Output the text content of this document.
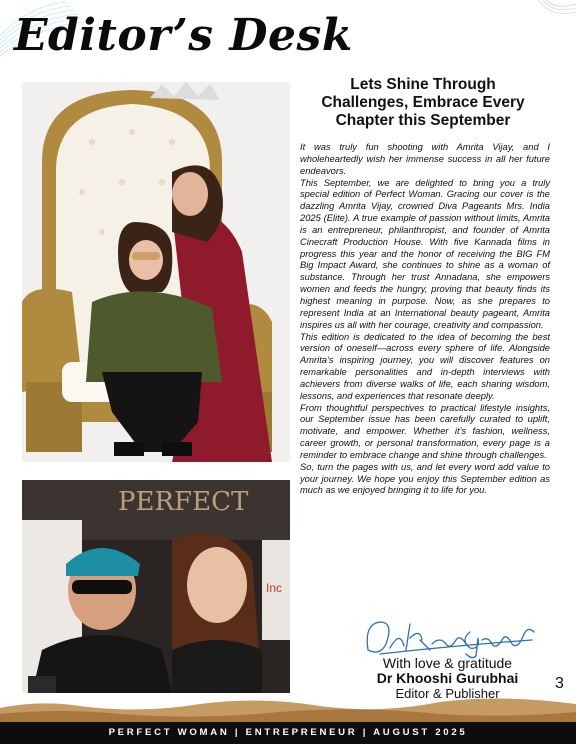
Editor’s Desk
PERFECT
Inc
Lets Shine Through
Challenges, Embrace Every
Chapter this September

It was truly fun shooting with Amrita Vijay, and I wholeheartedly wish her immense success in all her future endeavors.

This September, we are delighted to bring you a truly special edition of Perfect Woman. Gracing our cover is the dazzling Amrita Vijay, crowned Diva Pageants Mrs. India 2025 (Elite). A true example of passion without limits, Amrita is an entrepreneur, philanthropist, and founder of Amrita Cinecraft Production House. With five Kannada films in progress this year and the honor of receiving the BIG FM Big Impact Award, she continues to shine as a woman of substance. Through her trust Annadana, she empowers women and feeds the hungry, proving that beauty finds its highest meaning in purpose. Now, as she prepares to represent India at an International beauty pageant, Amrita inspires us all with her courage, creativity and compassion.

This edition is dedicated to the idea of becoming the best version of oneself—across every sphere of life. Alongside Amrita’s inspiring journey, you will discover features on remarkable personalities and in-depth interviews with achievers from diverse walks of life, each sharing wisdom, lessons, and experiences that resonate deeply.

From thoughtful perspectives to practical lifestyle insights, our September issue has been carefully curated to uplift, motivate, and empower. Whether it’s fashion, wellness, career growth, or personal transformation, every page is a reminder to embrace change and shine through challenges.

So, turn the pages with us, and let every word add value to your journey. We hope you enjoy this September edition as much as we enjoyed bringing it to life for you.

With love & gratitude
Dr Khooshi Gurubhai
Editor & Publisher
3
PERFECT WOMAN | ENTREPRENEUR | AUGUST 2025
